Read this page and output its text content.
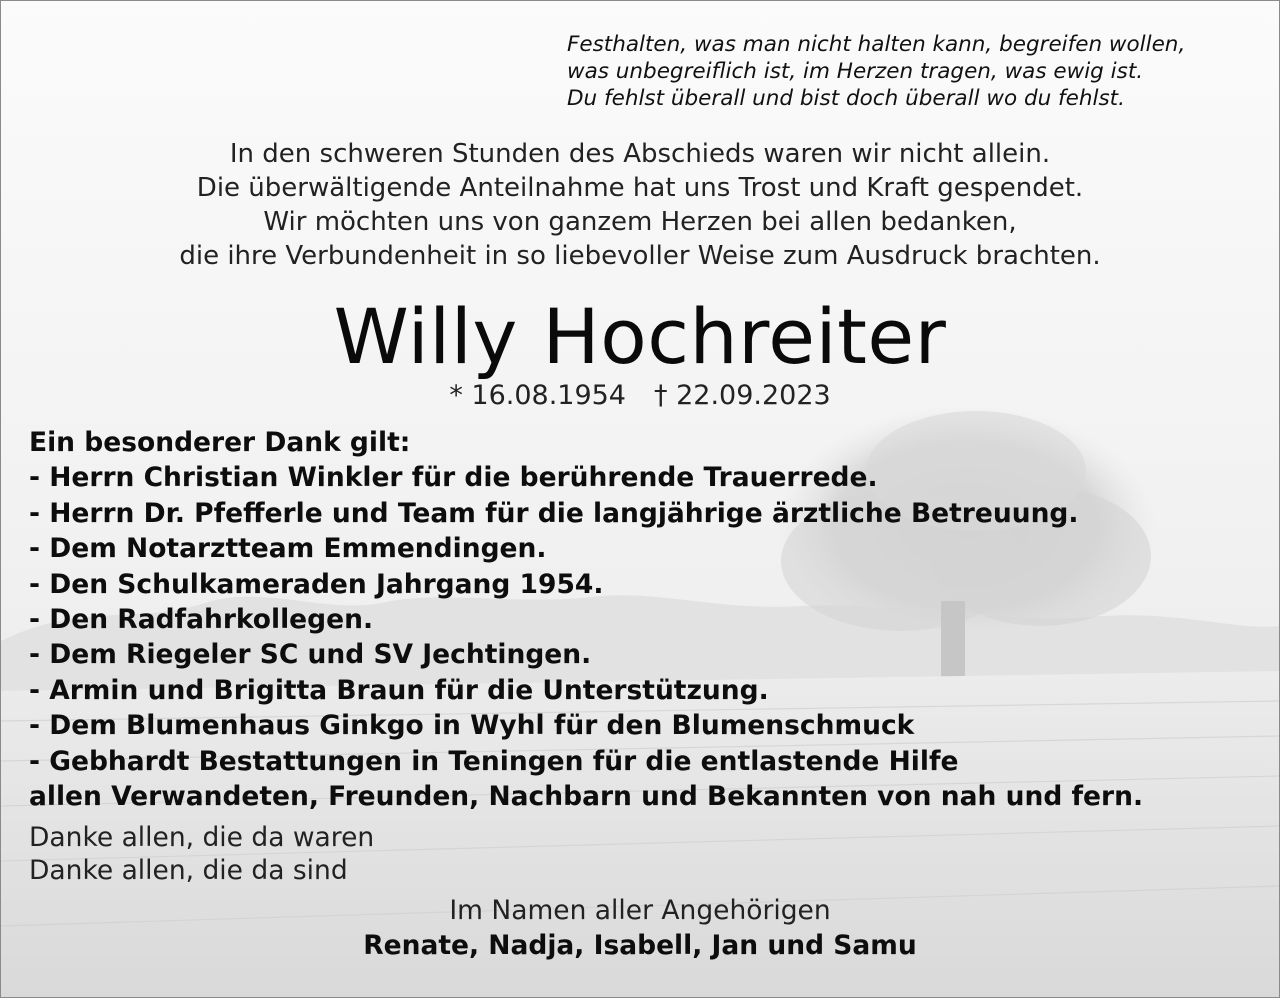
Festhalten, was man nicht halten kann, begreifen wollen,
was unbegreiflich ist, im Herzen tragen, was ewig ist.
Du fehlst überall und bist doch überall wo du fehlst.
In den schweren Stunden des Abschieds waren wir nicht allein.
Die überwältigende Anteilnahme hat uns Trost und Kraft gespendet.
Wir möchten uns von ganzem Herzen bei allen bedanken,
die ihre Verbundenheit in so liebevoller Weise zum Ausdruck brachten.
Willy Hochreiter
* 16.08.1954 † 22.09.2023
Ein besonderer Dank gilt:
- Herrn Christian Winkler für die berührende Trauerrede.
- Herrn Dr. Pfefferle und Team für die langjährige ärztliche Betreuung.
- Dem Notarztteam Emmendingen.
- Den Schulkameraden Jahrgang 1954.
- Den Radfahrkollegen.
- Dem Riegeler SC und SV Jechtingen.
- Armin und Brigitta Braun für die Unterstützung.
- Dem Blumenhaus Ginkgo in Wyhl für den Blumenschmuck
- Gebhardt Bestattungen in Teningen für die entlastende Hilfe
allen Verwandeten, Freunden, Nachbarn und Bekannten von nah und fern.
Danke allen, die da waren
Danke allen, die da sind
Im Namen aller Angehörigen
Renate, Nadja, Isabell, Jan und Samu
